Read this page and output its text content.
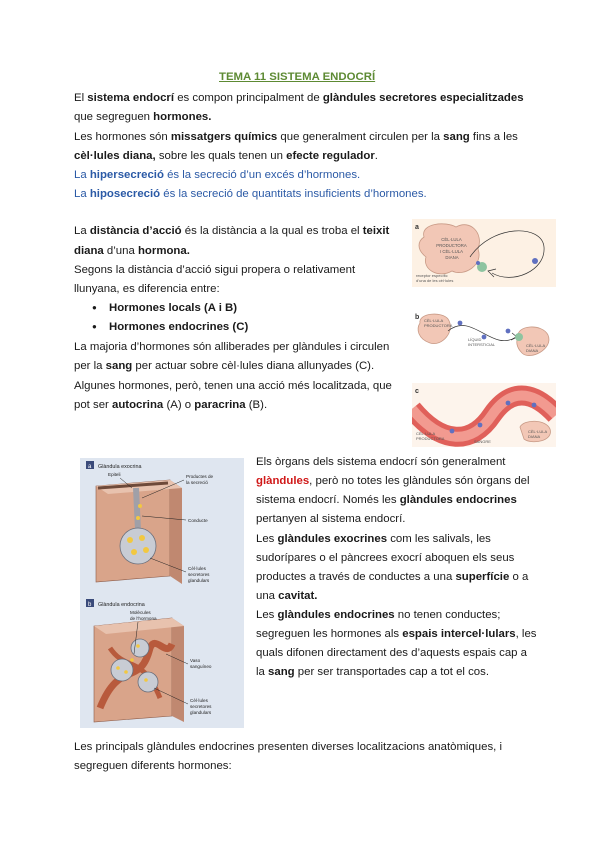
TEMA 11 SISTEMA ENDOCRÍ
El sistema endocrí es compon principalment de glàndules secretores especialitzades
que segreguen hormones.
Les hormones són missatgers químics que generalment circulen per la sang fins a les
cèl·lules diana, sobre les quals tenen un efecte regulador.
La hipersecreció és la secreció d’un excés d’hormones.
La hiposecreció és la secreció de quantitats insuficients d’hormones.
La distància d’acció és la distància a la qual es troba el teixit
diana d’una hormona.
Segons la distància d’acció sigui propera o relativament
llunyana, es diferencia entre:
● Hormones locals (A i B)
● Hormones endocrines (C)
La majoria d’hormones són alliberades per glàndules i circulen
per la sang per actuar sobre cèl·lules diana allunyades (C).
Algunes hormones, però, tenen una acció més localitzada, que
pot ser autocrina (A) o paracrina (B).
a
CÈL·LULA PRODUCTORA I CÈL·LULA DIANA
receptor específic d’una de les cèl·lules
b CÈL·LULA PRODUCTORA
LÍQUID INTERSTICIAL	CÈL·LULA DIANA
c
CÈL·LULA PRODUCTORA
SANGRE
CÈL·LULA DIANA
a Glàndula exocrina
Epiteli	Productes de la secreció
Conducte
Cèl·lules secretores glandulars
b Glàndula endocrina
Molècules de l’hormona
Vaso sanguíneo
Cèl·lules secretores glandulars
Els òrgans dels sistema endocrí són generalment
glàndules, però no totes les glàndules són òrgans del
sistema endocrí. Només les glàndules endocrines
pertanyen al sistema endocrí.
Les glàndules exocrines com les salivals, les
sudorípares o el pàncrees exocrí aboquen els seus
productes a través de conductes a una superfície o a
una cavitat.
Les glàndules endocrines no tenen conductes;
segreguen les hormones als espais intercel·lulars, les
quals difonen directament des d’aquests espais cap a
la sang per ser transportades cap a tot el cos.
Les principals glàndules endocrines presenten diverses localitzacions anatòmiques, i
segreguen diferents hormones:
